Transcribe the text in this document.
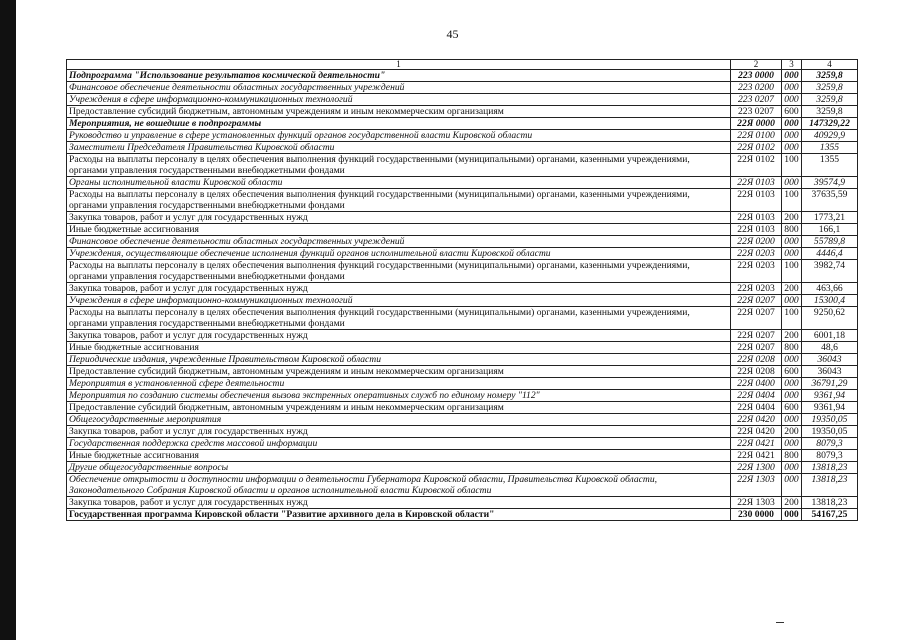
45
1	2	3	4
Подпрограмма "Использование результатов космической деятельности"	223 0000	000	3259,8
Финансовое обеспечение деятельности областных государственных учреждений	223 0200	000	3259,8
Учреждения в сфере информационно-коммуникационных технологий	223 0207	000	3259,8
Предоставление субсидий бюджетным, автономным учреждениям и иным некоммерческим организациям	223 0207	600	3259,8
Мероприятия, не вошедшие в подпрограммы	22Я 0000	000	147329,22
Руководство и управление в сфере установленных функций органов государственной власти Кировской области	22Я 0100	000	40929,9
Заместители Председателя Правительства Кировской области	22Я 0102	000	1355
Расходы на выплаты персоналу в целях обеспечения выполнения функций государственными (муниципальными) органами, казенными учреждениями, органами управления государственными внебюджетными фондами	22Я 0102	100	1355
Органы исполнительной власти Кировской области	22Я 0103	000	39574,9
Расходы на выплаты персоналу в целях обеспечения выполнения функций государственными (муниципальными) органами, казенными учреждениями, органами управления государственными внебюджетными фондами	22Я 0103	100	37635,59
Закупка товаров, работ и услуг для государственных нужд	22Я 0103	200	1773,21
Иные бюджетные ассигнования	22Я 0103	800	166,1
Финансовое обеспечение деятельности областных государственных учреждений	22Я 0200	000	55789,8
Учреждения, осуществляющие обеспечение исполнения функций органов исполнительной власти Кировской области	22Я 0203	000	4446,4
Расходы на выплаты персоналу в целях обеспечения выполнения функций государственными (муниципальными) органами, казенными учреждениями, органами управления государственными внебюджетными фондами	22Я 0203	100	3982,74
Закупка товаров, работ и услуг для государственных нужд	22Я 0203	200	463,66
Учреждения в сфере информационно-коммуникационных технологий	22Я 0207	000	15300,4
Расходы на выплаты персоналу в целях обеспечения выполнения функций государственными (муниципальными) органами, казенными учреждениями, органами управления государственными внебюджетными фондами	22Я 0207	100	9250,62
Закупка товаров, работ и услуг для государственных нужд	22Я 0207	200	6001,18
Иные бюджетные ассигнования	22Я 0207	800	48,6
Периодические издания, учрежденные Правительством Кировской области	22Я 0208	000	36043
Предоставление субсидий бюджетным, автономным учреждениям и иным некоммерческим организациям	22Я 0208	600	36043
Мероприятия в установленной сфере деятельности	22Я 0400	000	36791,29
Мероприятия по созданию системы обеспечения вызова экстренных оперативных служб по единому номеру "112"	22Я 0404	000	9361,94
Предоставление субсидий бюджетным, автономным учреждениям и иным некоммерческим организациям	22Я 0404	600	9361,94
Общегосударственные мероприятия	22Я 0420	000	19350,05
Закупка товаров, работ и услуг для государственных нужд	22Я 0420	200	19350,05
Государственная поддержка средств массовой информации	22Я 0421	000	8079,3
Иные бюджетные ассигнования	22Я 0421	800	8079,3
Другие общегосударственные вопросы	22Я 1300	000	13818,23
Обеспечение открытости и доступности информации о деятельности Губернатора Кировской области, Правительства Кировской области, Законодательного Собрания Кировской области и органов исполнительной власти Кировской области	22Я 1303	000	13818,23
Закупка товаров, работ и услуг для государственных нужд	22Я 1303	200	13818,23
Государственная программа Кировской области "Развитие архивного дела в Кировской области"	230 0000	000	54167,25
